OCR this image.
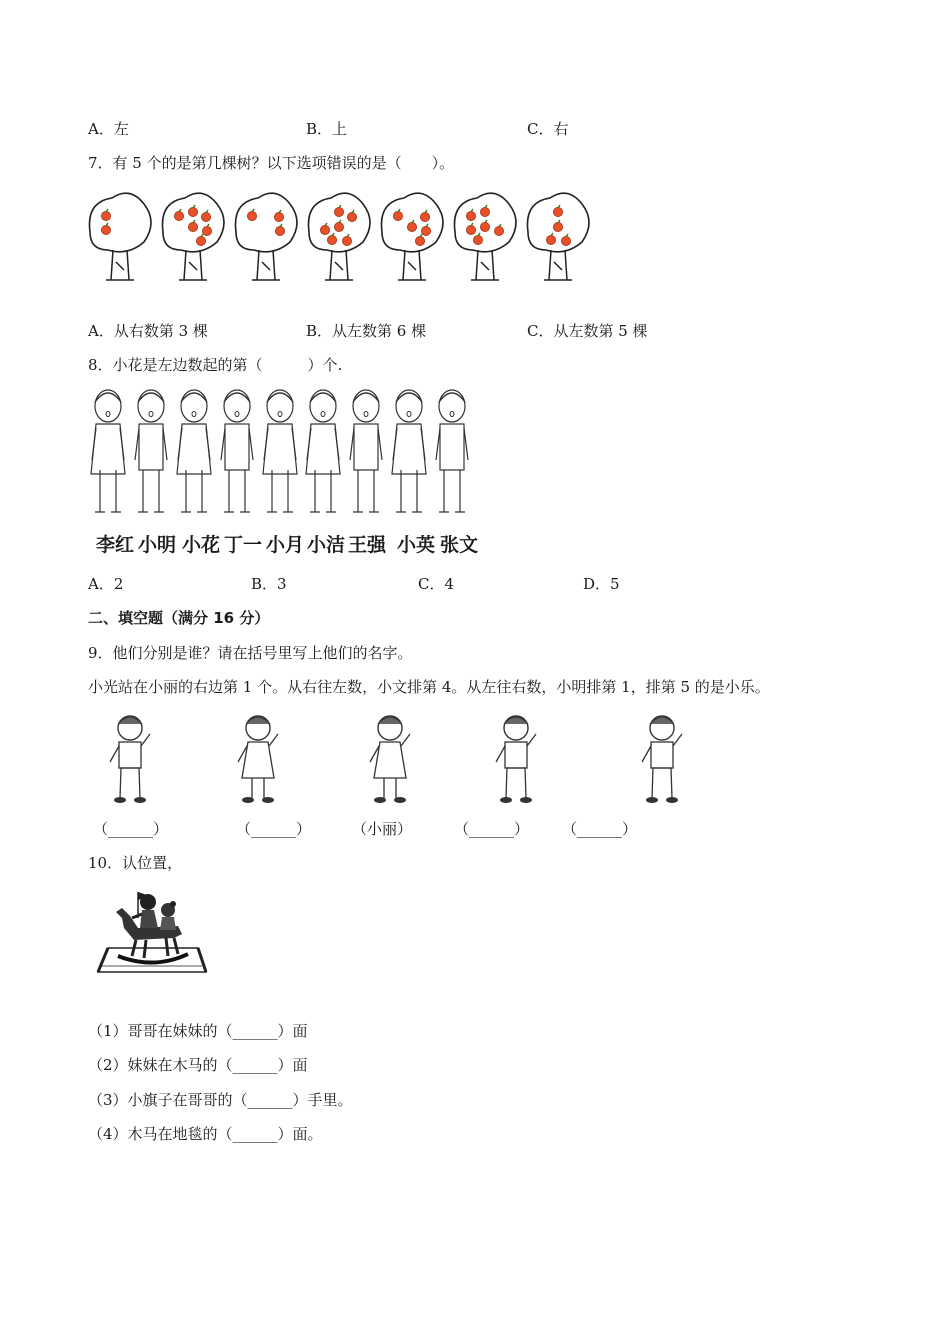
A．左	B．上	C．右
7．有 5 个的是第几棵树？以下选项错误的是（　　）。
A．从右数第 3 棵	B．从左数第 6 棵	C．从左数第 5 棵
8．小花是左边数起的第（　　　）个.
李红 小明 小花 丁一 小月 小洁 王强 小英 张文
A．2	B．3	C．4	D．5
二、填空题（满分 16 分）
9．他们分别是谁？请在括号里写上他们的名字。
小光站在小丽的右边第 1 个。从右往左数，小文排第 4。从左往右数，小明排第 1，排第 5 的是小乐。
（______）	（______）	（小丽）	（______） （______）
10．认位置，
（1）哥哥在妹妹的（______）面
（2）妹妹在木马的（______）面
（3）小旗子在哥哥的（______）手里。
（4）木马在地毯的（______）面。
